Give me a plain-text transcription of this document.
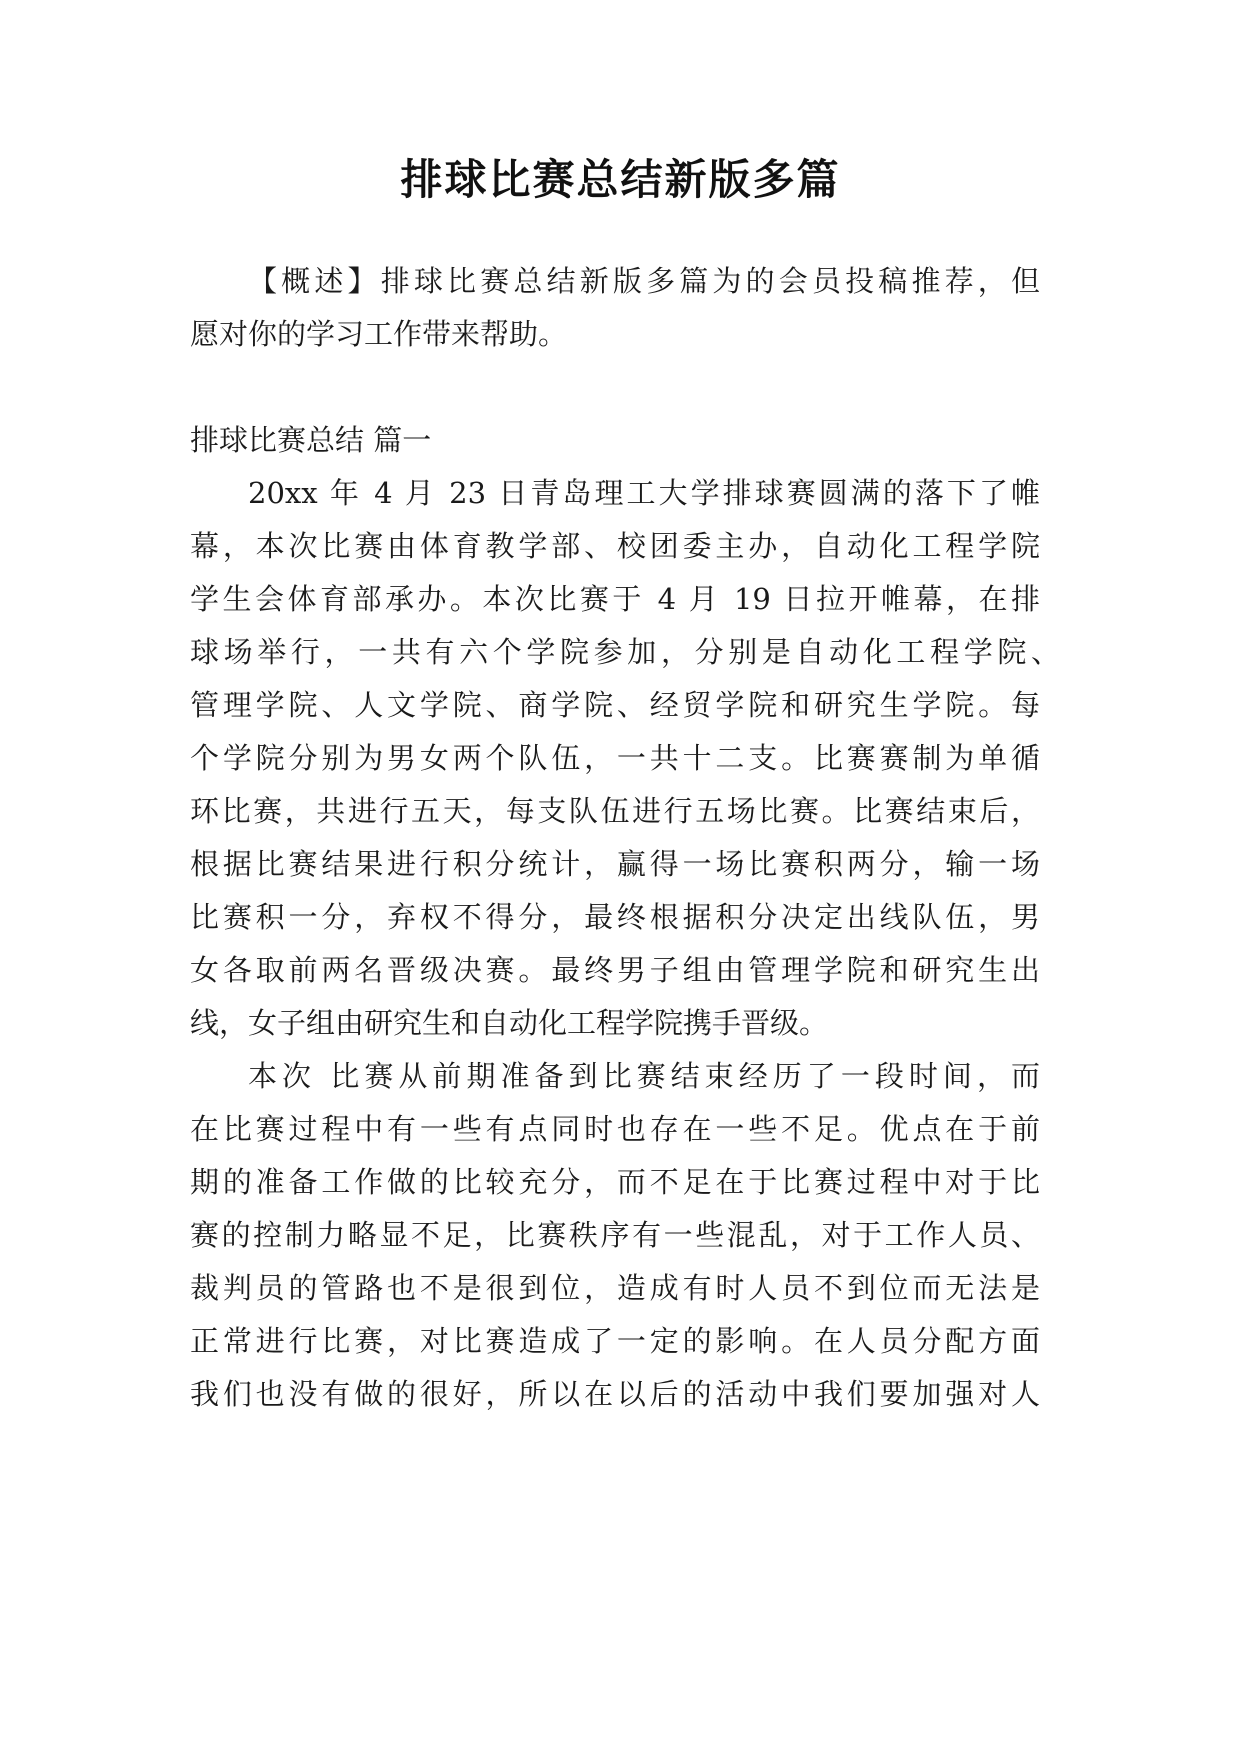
排球比赛总结新版多篇
【概述】排球比赛总结新版多篇为的会员投稿推荐，但
愿对你的学习工作带来帮助。
排球比赛总结 篇一
20xx 年 4 月 23 日青岛理工大学排球赛圆满的落下了帷
幕，本次比赛由体育教学部、校团委主办，自动化工程学院
学生会体育部承办。本次比赛于 4 月 19 日拉开帷幕，在排
球场举行，一共有六个学院参加，分别是自动化工程学院、
管理学院、人文学院、商学院、经贸学院和研究生学院。每
个学院分别为男女两个队伍，一共十二支。比赛赛制为单循
环比赛，共进行五天，每支队伍进行五场比赛。比赛结束后，
根据比赛结果进行积分统计，赢得一场比赛积两分，输一场
比赛积一分，弃权不得分，最终根据积分决定出线队伍，男
女各取前两名晋级决赛。最终男子组由管理学院和研究生出
线，女子组由研究生和自动化工程学院携手晋级。
本次 比赛从前期准备到比赛结束经历了一段时间，而
在比赛过程中有一些有点同时也存在一些不足。优点在于前
期的准备工作做的比较充分，而不足在于比赛过程中对于比
赛的控制力略显不足，比赛秩序有一些混乱，对于工作人员、
裁判员的管路也不是很到位，造成有时人员不到位而无法是
正常进行比赛，对比赛造成了一定的影响。在人员分配方面
我们也没有做的很好，所以在以后的活动中我们要加强对人
